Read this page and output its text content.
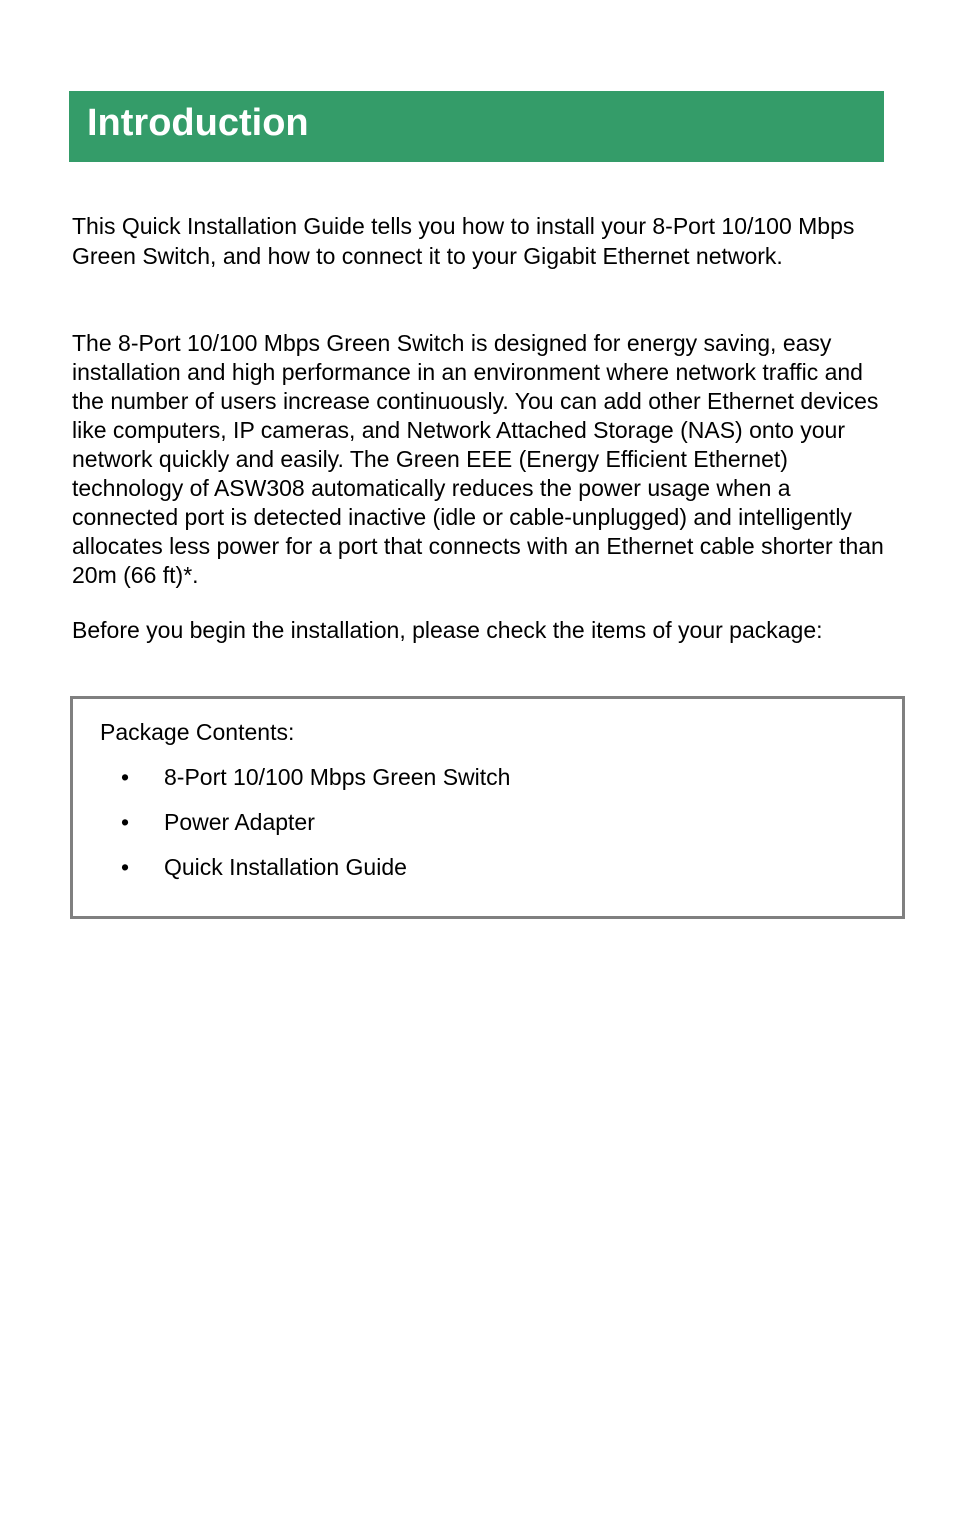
Introduction

This Quick Installation Guide tells you how to install your 8-Port 10/100 Mbps Green Switch, and how to connect it to your Gigabit Ethernet network.

The 8-Port 10/100 Mbps Green Switch is designed for energy saving, easy installation and high performance in an environment where network traffic and the number of users increase continuously. You can add other Ethernet devices like computers, IP cameras, and Network Attached Storage (NAS) onto your network quickly and easily. The Green EEE (Energy Efficient Ethernet) technology of ASW308 automatically reduces the power usage when a connected port is detected inactive (idle or cable-unplugged) and intelligently allocates less power for a port that connects with an Ethernet cable shorter than 20m (66 ft)*.

Before you begin the installation, please check the items of your package:

Package Contents:

• 8-Port 10/100 Mbps Green Switch
• Power Adapter
• Quick Installation Guide
